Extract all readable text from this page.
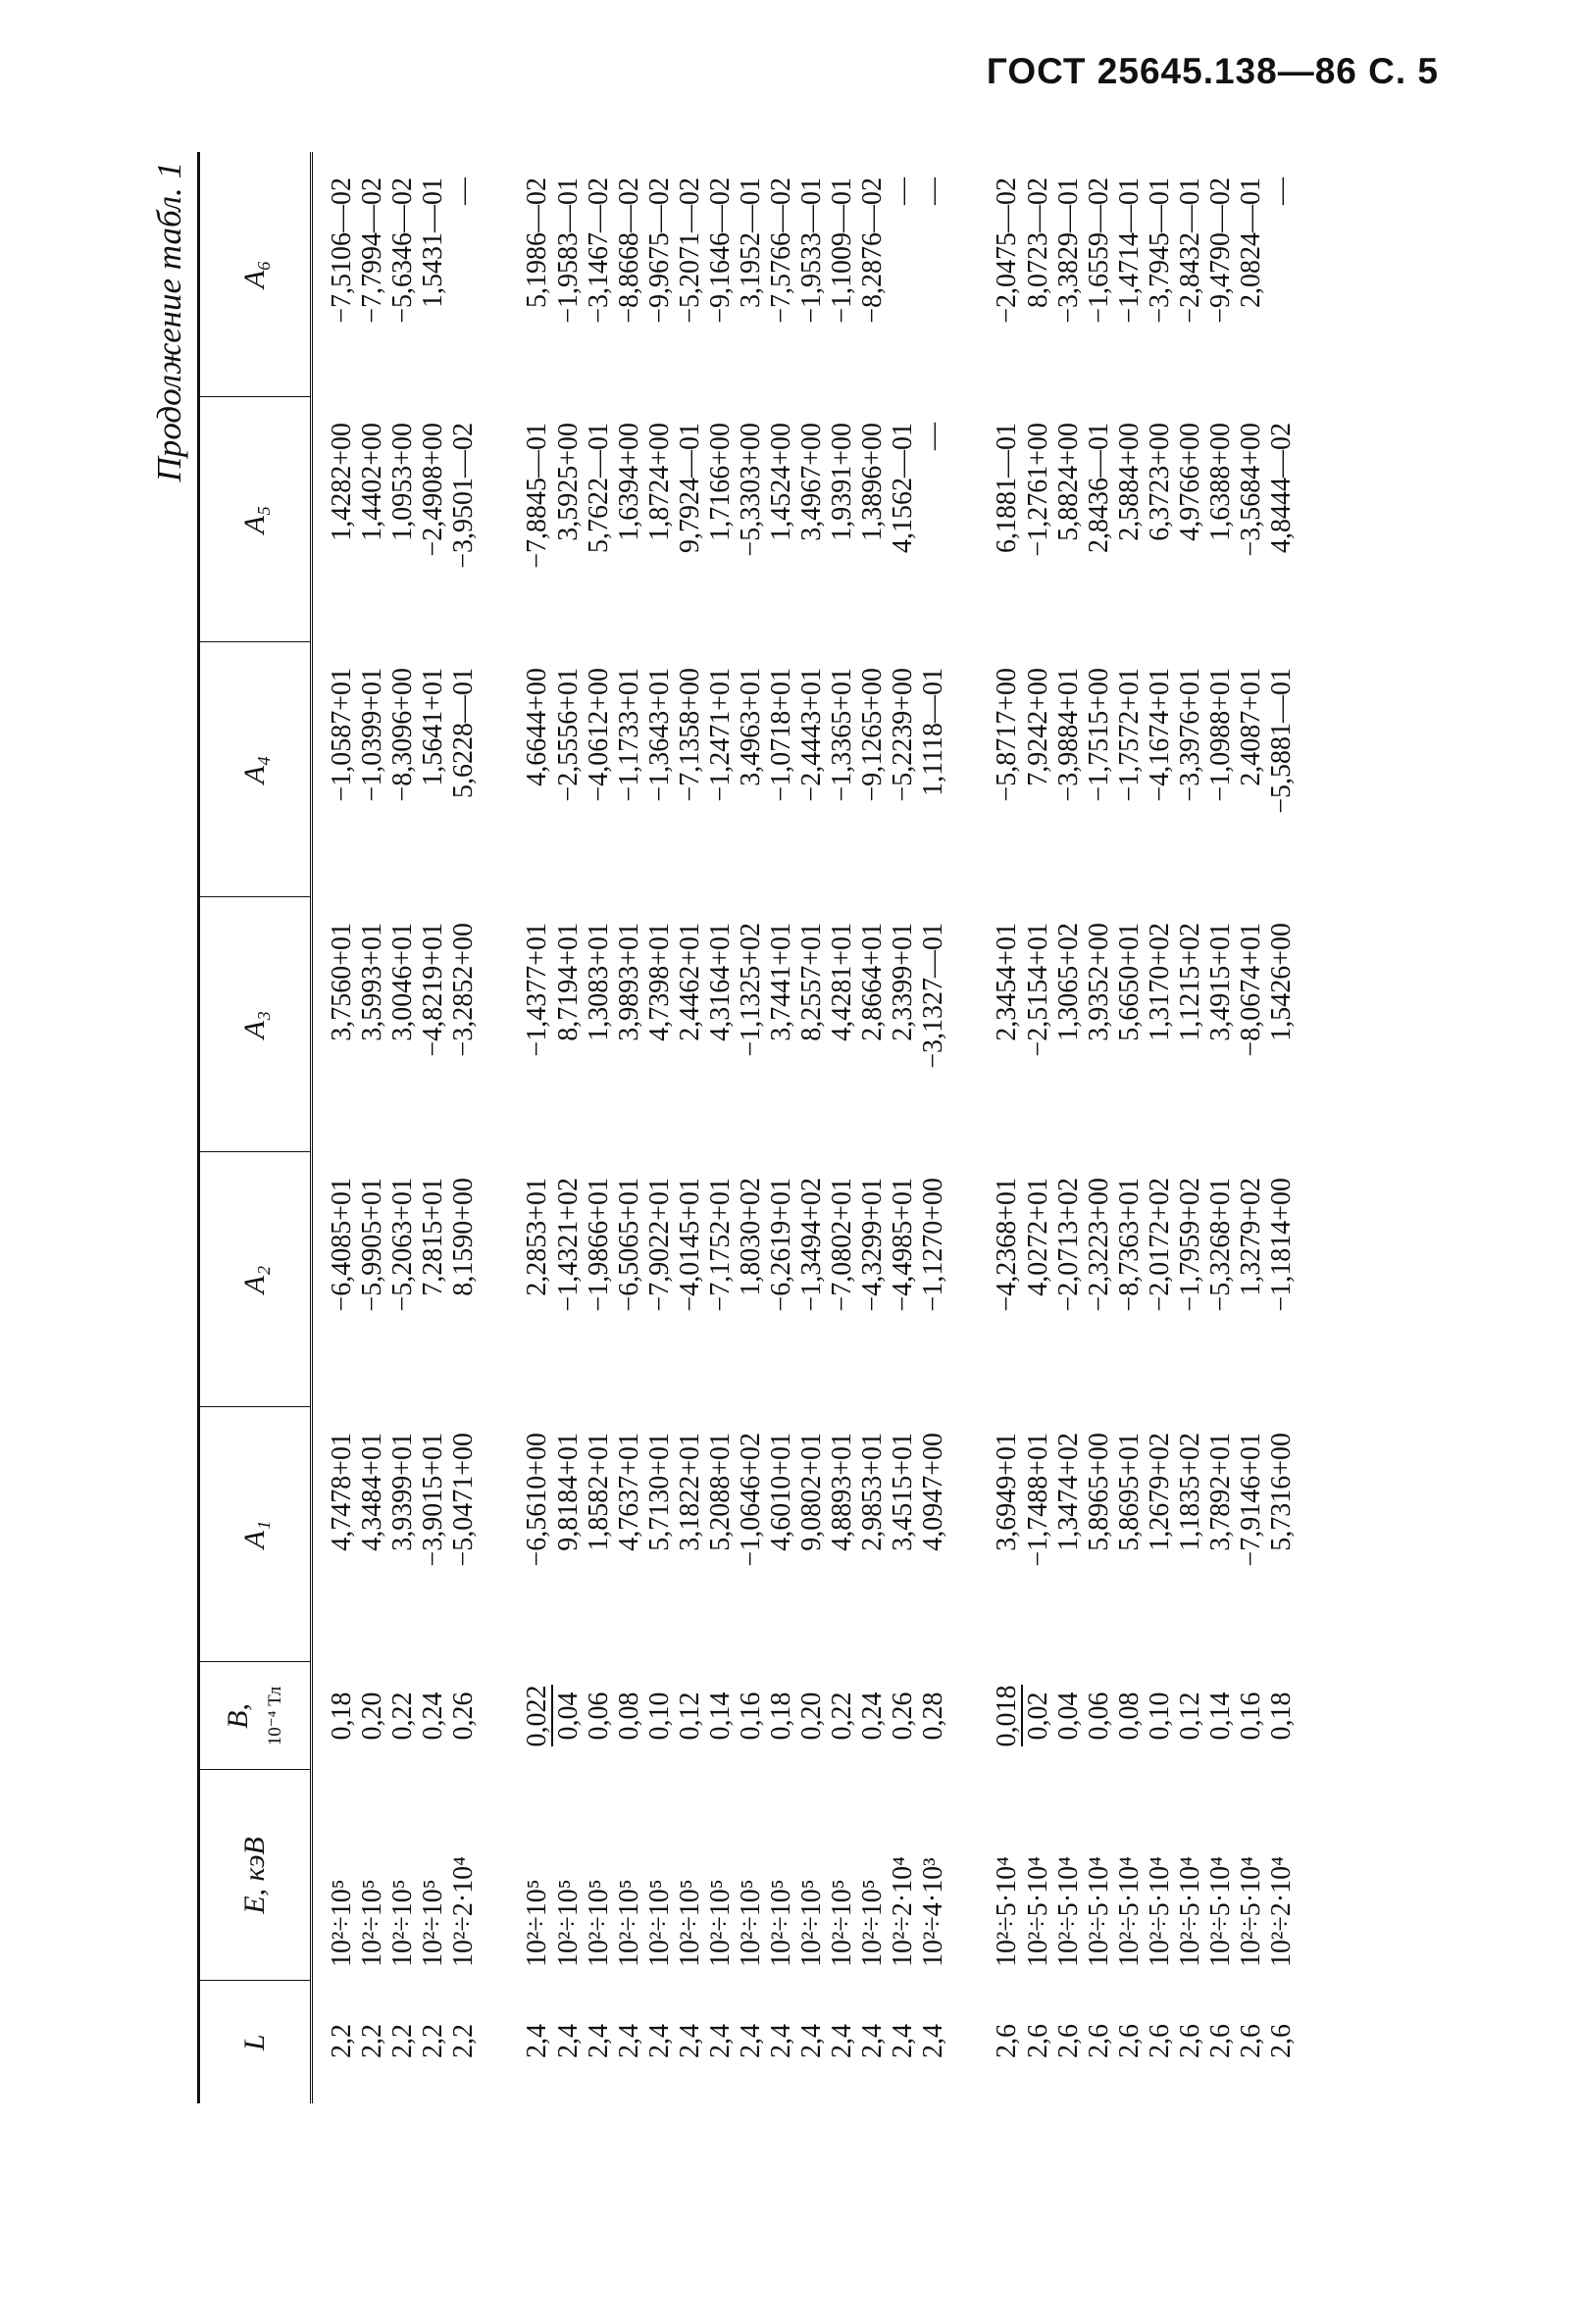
ГОСТ 25645.138—86 С. 5
Продолжение табл. 1
L	E, кэВ	B, 10⁻⁴ Тл	A₁	A₂	A₃	A₄	A₅	A₆
2,2	10²÷10⁵	0,18	4,7478+01	−6,4085+01	3,7560+01	−1,0587+01	1,4282+00	−7,5106—02
2,2	10²÷10⁵	0,20	4,3484+01	−5,9905+01	3,5993+01	−1,0399+01	1,4402+00	−7,7994—02
2,2	10²÷10⁵	0,22	3,9399+01	−5,2063+01	3,0046+01	−8,3096+00	1,0953+00	−5,6346—02
2,2	10²÷10⁵	0,24	−3,9015+01	7,2815+01	−4,8219+01	1,5641+01	−2,4908+00	1,5431—01
2,2	10²÷2·10⁴	0,26	−5,0471+00	8,1590+00	−3,2852+00	5,6228—01	−3,9501—02	—

2,4	10²÷10⁵	0,022	−6,5610+00	2,2853+01	−1,4377+01	4,6644+00	−7,8845—01	5,1986—02
2,4	10²÷10⁵	0,04	9,8184+01	−1,4321+02	8,7194+01	−2,5556+01	3,5925+00	−1,9583—01
2,4	10²÷10⁵	0,06	1,8582+01	−1,9866+01	1,3083+01	−4,0612+00	5,7622—01	−3,1467—02
2,4	10²÷10⁵	0,08	4,7637+01	−6,5065+01	3,9893+01	−1,1733+01	1,6394+00	−8,8668—02
2,4	10²÷10⁵	0,10	5,7130+01	−7,9022+01	4,7398+01	−1,3643+01	1,8724+00	−9,9675—02
2,4	10²÷10⁵	0,12	3,1822+01	−4,0145+01	2,4462+01	−7,1358+00	9,7924—01	−5,2071—02
2,4	10²÷10⁵	0,14	5,2088+01	−7,1752+01	4,3164+01	−1,2471+01	1,7166+00	−9,1646—02
2,4	10²÷10⁵	0,16	−1,0646+02	1,8030+02	−1,1325+02	3,4963+01	−5,3303+00	3,1952—01
2,4	10²÷10⁵	0,18	4,6010+01	−6,2619+01	3,7441+01	−1,0718+01	1,4524+00	−7,5766—02
2,4	10²÷10⁵	0,20	9,0802+01	−1,3494+02	8,2557+01	−2,4443+01	3,4967+00	−1,9533—01
2,4	10²÷10⁵	0,22	4,8893+01	−7,0802+01	4,4281+01	−1,3365+01	1,9391+00	−1,1009—01
2,4	10²÷10⁵	0,24	2,9853+01	−4,3299+01	2,8664+01	−9,1265+00	1,3896+00	−8,2876—02
2,4	10²÷2·10⁴	0,26	3,4515+01	−4,4985+01	2,3399+01	−5,2239+00	4,1562—01	—
2,4	10²÷4·10³	0,28	4,0947+00	−1,1270+00	−3,1327—01	1,1118—01	—	—

2,6	10²÷5·10⁴	0,018	3,6949+01	−4,2368+01	2,3454+01	−5,8717+00	6,1881—01	−2,0475—02
2,6	10²÷5·10⁴	0,02	−1,7488+01	4,0272+01	−2,5154+01	7,9242+00	−1,2761+00	8,0723—02
2,6	10²÷5·10⁴	0,04	1,3474+02	−2,0713+02	1,3065+02	−3,9884+01	5,8824+00	−3,3829—01
2,6	10²÷5·10⁴	0,06	5,8965+00	−2,3223+00	3,9352+00	−1,7515+00	2,8436—01	−1,6559—02
2,6	10²÷5·10⁴	0,08	5,8695+01	−8,7363+01	5,6650+01	−1,7572+01	2,5884+00	−1,4714—01
2,6	10²÷5·10⁴	0,10	1,2679+02	−2,0172+02	1,3170+02	−4,1674+01	6,3723+00	−3,7945—01
2,6	10²÷5·10⁴	0,12	1,1835+02	−1,7959+02	1,1215+02	−3,3976+01	4,9766+00	−2,8432—01
2,6	10²÷5·10⁴	0,14	3,7892+01	−5,3268+01	3,4915+01	−1,0988+01	1,6388+00	−9,4790—02
2,6	10²÷5·10⁴	0,16	−7,9146+01	1,3279+02	−8,0674+01	2,4087+01	−3,5684+00	2,0824—01
2,6	10²÷2·10⁴	0,18	5,7316+00	−1,1814+00	1,5426+00	−5,5881—01	4,8444—02	—
